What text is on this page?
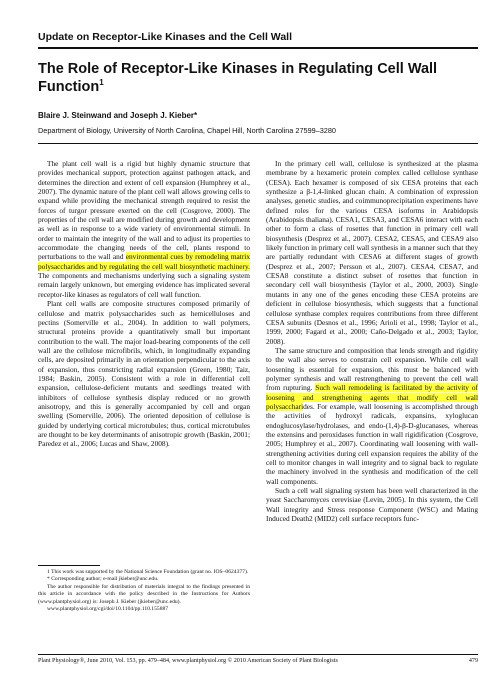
Update on Receptor-Like Kinases and the Cell Wall
The Role of Receptor-Like Kinases in Regulating Cell Wall Function$^1$
Blaire J. Steinwand and Joseph J. Kieber*
Department of Biology, University of North Carolina, Chapel Hill, North Carolina 27599–3280

The plant cell wall is a rigid but highly dynamic structure that provides mechanical support, protection against pathogen attack, and determines the direction and extent of cell expansion (Humphrey et al., 2007). The dynamic nature of the plant cell wall allows growing cells to expand while providing the mechanical strength required to resist the forces of turgor pressure exerted on the cell (Cosgrove, 2000). The properties of the cell wall are modified during growth and development as well as in response to a wide variety of environmental stimuli. In order to maintain the integrity of the wall and to adjust its properties to accommodate the changing needs of the cell, plants respond to perturbations to the wall and environmental cues by remodeling matrix polysaccharides and by regulating the cell wall biosynthetic machinery. The components and mechanisms underlying such a signaling system remain largely unknown, but emerging evidence has implicated several receptor-like kinases as regulators of cell wall function.

Plant cell walls are composite structures composed primarily of cellulose and matrix polysaccharides such as hemicelluloses and pectins (Somerville et al., 2004). In addition to wall polymers, structural proteins provide a quantitatively small but important contribution to the wall. The major load-bearing components of the cell wall are the cellulose microfibrils, which, in longitudinally expanding cells, are deposited primarily in an orientation perpendicular to the axis of expansion, thus constricting radial expansion (Green, 1980; Taiz, 1984; Baskin, 2005). Consistent with a role in differential cell expansion, cellulose-deficient mutants and seedlings treated with inhibitors of cellulose synthesis display reduced or no growth anisotropy, and this is generally accompanied by cell and organ swelling (Somerville, 2006). The oriented deposition of cellulose is guided by underlying cortical microtubules; thus, cortical microtubules are thought to be key determinants of anisotropic growth (Baskin, 2001; Paredez et al., 2006; Lucas and Shaw, 2008).

In the primary cell wall, cellulose is synthesized at the plasma membrane by a hexameric protein complex called cellulose synthase (CESA). Each hexamer is composed of six CESA proteins that each synthesize a β-1,4-linked glucan chain. A combination of expression analyses, genetic studies, and coimmunoprecipitation experiments have defined roles for the various CESA isoforms in Arabidopsis (Arabidopsis thaliana). CESA1, CESA3, and CESA6 interact with each other to form a class of rosettes that function in primary cell wall biosynthesis (Desprez et al., 2007). CESA2, CESA5, and CESA9 also likely function in primary cell wall synthesis in a manner such that they are partially redundant with CESA6 at different stages of growth (Desprez et al., 2007; Persson et al., 2007). CESA4, CESA7, and CESA8 constitute a distinct subset of rosettes that function in secondary cell wall biosynthesis (Taylor et al., 2000, 2003). Single mutants in any one of the genes encoding these CESA proteins are deficient in cellulose biosynthesis, which suggests that a functional cellulose synthase complex requires contributions from three different CESA subunits (Desnos et al., 1996; Arioli et al., 1998; Taylor et al., 1999, 2000; Fagard et al., 2000; Caño-Delgado et al., 2003; Taylor, 2008).

The same structure and composition that lends strength and rigidity to the wall also serves to constrain cell expansion. While cell wall loosening is essential for expansion, this must be balanced with polymer synthesis and wall restrengthening to prevent the cell wall from rupturing. Such wall remodeling is facilitated by the activity of loosening and strengthening agents that modify cell wall polysaccharides. For example, wall loosening is accomplished through the activities of hydroxyl radicals, expansins, xyloglucan endoglucosylase/hydrolases, and endo-(1,4)-β-D-glucanases, whereas the extensins and peroxidases function in wall rigidification (Cosgrove, 2005; Humphrey et al., 2007). Coordinating wall loosening with wall-strengthening activities during cell expansion requires the ability of the cell to monitor changes in wall integrity and to signal back to regulate the machinery involved in the synthesis and modification of the cell wall components.

Such a cell wall signaling system has been well characterized in the yeast Saccharomyces cerevisiae (Levin, 2005). In this system, the Cell Wall integrity and Stress response Component (WSC) and Mating Induced Death2 (MID2) cell surface receptors func-

1 This work was supported by the National Science Foundation (grant no. IOS–0624377).

* Corresponding author; e-mail jkieber@unc.edu.

The author responsible for distribution of materials integral to the findings presented in this article in accordance with the policy described in the Instructions for Authors (www.plantphysiol.org) is: Joseph J. Kieber (jkieber@unc.edu).

www.plantphysiol.org/cgi/doi/10.1104/pp.110.155887

Plant Physiology®, June 2010, Vol. 153, pp. 479–484, www.plantphysiol.org © 2010 American Society of Plant Biologists	479
